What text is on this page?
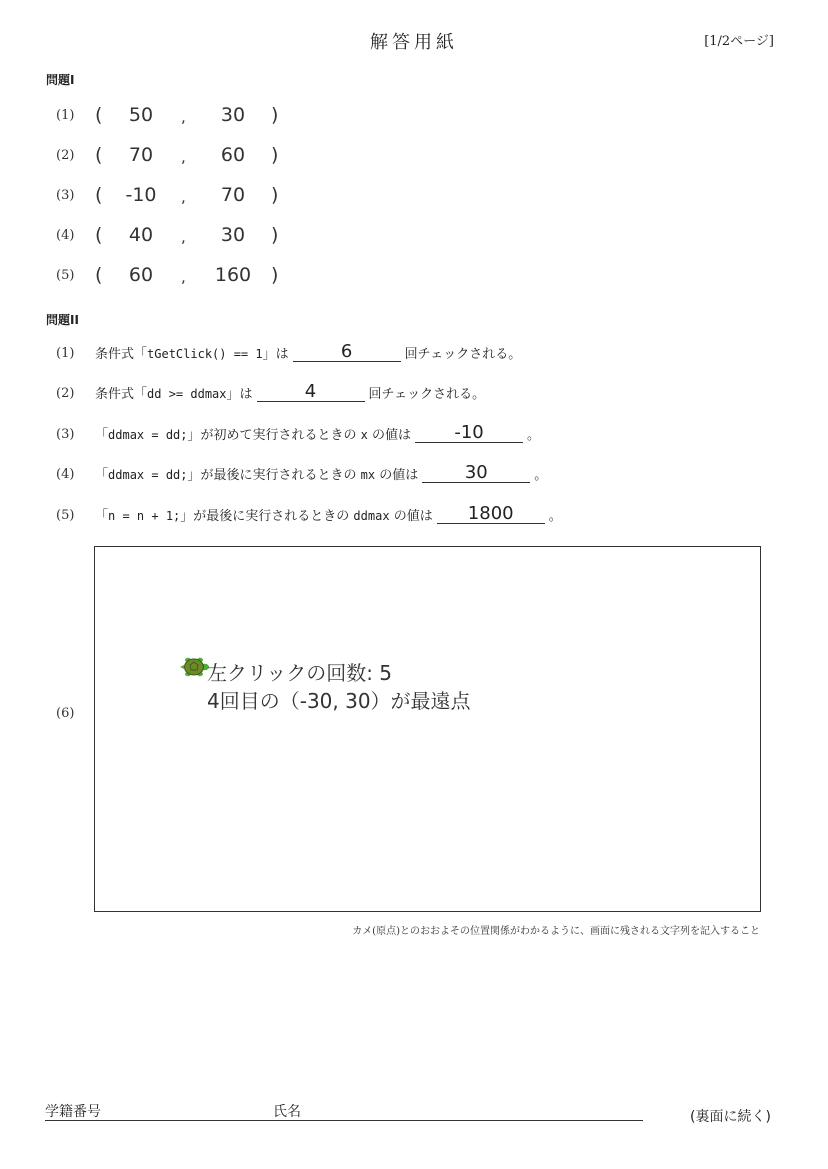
解答用紙	[1/2ページ]
問題I
(1) (	50	,	30	)
(2) (	70	,	60	)
(3) (	-10	,	70	)
(4) (	40	,	30	)
(5) (	60	,	160	)
問題II
(1) 条件式「tGetClick() == 1」は	6	回チェックされる。
(2) 条件式「dd >= ddmax」は	4	回チェックされる。
(3) 「ddmax = dd;」が初めて実行されるときの x の値は -10	。
(4) 「ddmax = dd;」が最後に実行されるときの mx の値は	30	。
(5) 「n = n + 1;」が最後に実行されるときの ddmax の値は 1800	。
(6)
左クリックの回数: 5
4回目の（-30, 30）が最遠点
カメ(原点)とのおおよその位置関係がわかるように、画面に残される文字列を記入すること
学籍番号	氏名	(裏面に続く)
